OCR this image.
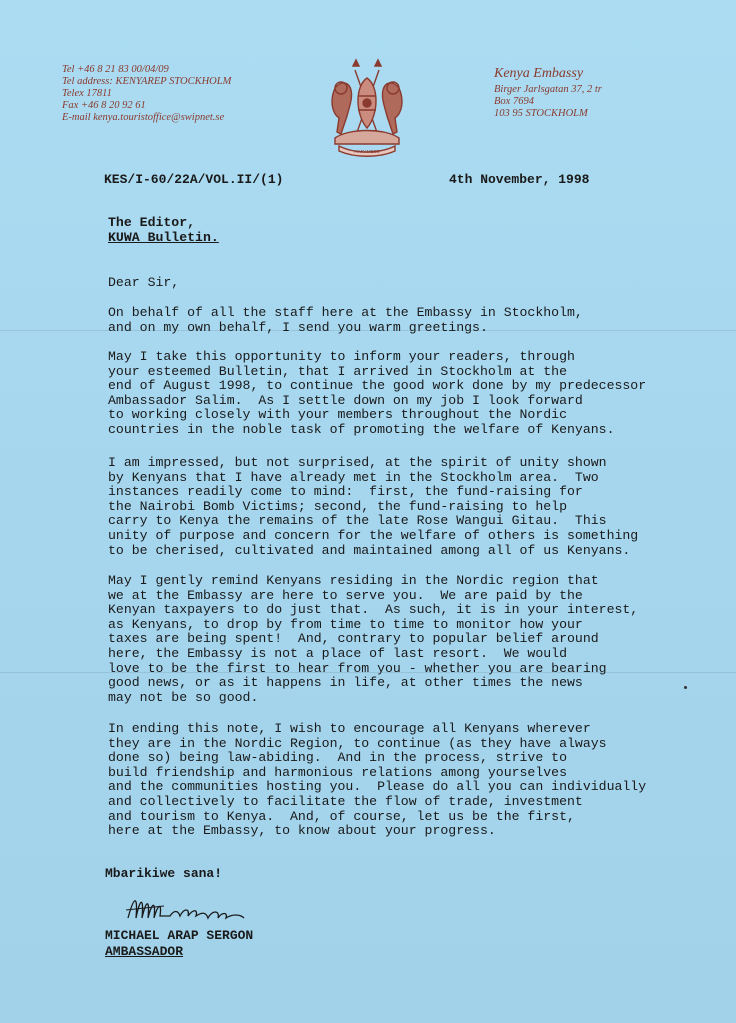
Tel +46 8 21 83 00/04/09
Tel address: KENYAREP STOCKHOLM
Telex 17811
Fax +46 8 20 92 61
E-mail kenya.touristoffice@swipnet.se
HARAMBEE
Kenya Embassy
Birger Jarlsgatan 37, 2 tr
Box 7694
103 95 STOCKHOLM
KES/I-60/22A/VOL.II/(1)	4th November, 1998
The Editor,
KUWA Bulletin.
Dear Sir,
On behalf of all the staff here at the Embassy in Stockholm,
and on my own behalf, I send you warm greetings.
May I take this opportunity to inform your readers, through
your esteemed Bulletin, that I arrived in Stockholm at the
end of August 1998, to continue the good work done by my predecessor
Ambassador Salim.  As I settle down on my job I look forward
to working closely with your members throughout the Nordic
countries in the noble task of promoting the welfare of Kenyans.
I am impressed, but not surprised, at the spirit of unity shown
by Kenyans that I have already met in the Stockholm area.  Two
instances readily come to mind:  first, the fund-raising for
the Nairobi Bomb Victims; second, the fund-raising to help
carry to Kenya the remains of the late Rose Wangui Gitau.  This
unity of purpose and concern for the welfare of others is something
to be cherised, cultivated and maintained among all of us Kenyans.
May I gently remind Kenyans residing in the Nordic region that
we at the Embassy are here to serve you.  We are paid by the
Kenyan taxpayers to do just that.  As such, it is in your interest,
as Kenyans, to drop by from time to time to monitor how your
taxes are being spent!  And, contrary to popular belief around
here, the Embassy is not a place of last resort.  We would
love to be the first to hear from you - whether you are bearing
good news, or as it happens in life, at other times the news
may not be so good.
In ending this note, I wish to encourage all Kenyans wherever
they are in the Nordic Region, to continue (as they have always
done so) being law-abiding.  And in the process, strive to
build friendship and harmonious relations among yourselves
and the communities hosting you.  Please do all you can individually
and collectively to facilitate the flow of trade, investment
and tourism to Kenya.  And, of course, let us be the first,
here at the Embassy, to know about your progress.
Mbarikiwe sana!
MICHAEL ARAP SERGON
AMBASSADOR
